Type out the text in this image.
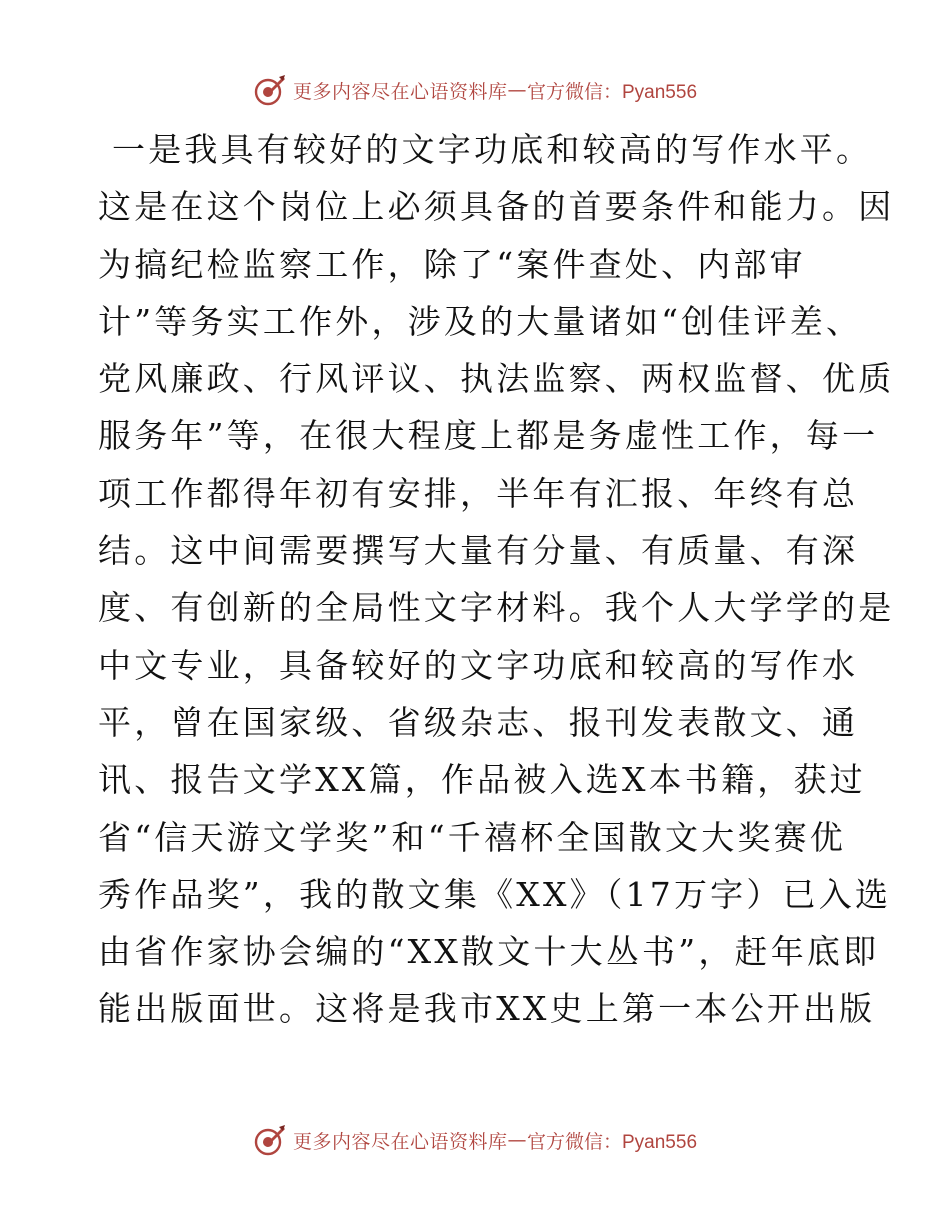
更多内容尽在心语资料库 — 官方微信：Pyan556
一是我具有较好的文字功底和较高的写作水平。
这是在这个岗位上必须具备的首要条件和能力。因
为搞纪检监察工作，除了“案件查处、内部审
计”等务实工作外，涉及的大量诸如“创佳评差、
党风廉政、行风评议、执法监察、两权监督、优质
服务年”等，在很大程度上都是务虚性工作，每一
项工作都得年初有安排，半年有汇报、年终有总
结。这中间需要撰写大量有分量、有质量、有深
度、有创新的全局性文字材料。我个人大学学的是
中文专业，具备较好的文字功底和较高的写作水
平，曾在国家级、省级杂志、报刊发表散文、通
讯、报告文学XX篇，作品被入选X本书籍，获过
省“信天游文学奖”和“千禧杯全国散文大奖赛优
秀作品奖”，我的散文集《XX》（17万字）已入选
由省作家协会编的“XX散文十大丛书”，赶年底即
能出版面世。这将是我市XX史上第一本公开出版
更多内容尽在心语资料库 — 官方微信：Pyan556
